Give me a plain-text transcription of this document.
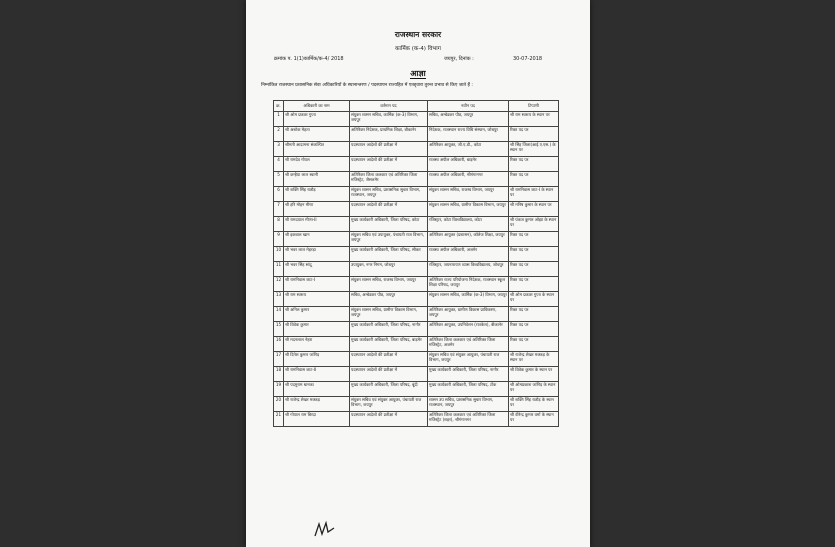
राजस्थान सरकार
कार्मिक (क-4) विभाग
क्रमांक प. 1(1)कार्मिक/क-4/ 2018	जयपुर, दिनांक :	30-07-2018
आज्ञा
निम्नांकित राजस्थान प्रशासनिक सेवा अधिकारियों के स्थानान्तरण / पदस्थापन राज्यहित में एतद्द्वारा तुरन्त प्रभाव से किए जाते हैं :
क्र.	अधिकारी का नाम	वर्तमान पद	नवीन पद	टिप्पणी
1	श्री ओम प्रकाश गुप्ता	संयुक्त शासन सचिव, कार्मिक (क-3) विभाग, जयपुर	सचिव, अम्बेडकर पीठ, जयपुर	श्री राम स्वरूप के स्थान पर
2	श्री अशोक मेहता	अतिरिक्त निदेशक, प्राथमिक शिक्षा, बीकानेर	निदेशक, राजस्थान राज्य विधि संस्थान, जोधपुर	रिक्त पद पर
3	श्रीमती आदामना संकल्पित	पदस्थापन आदेशों की प्रतीक्षा में	अतिरिक्त आयुक्त, जी.ए.डी., कोटा	श्री सिंह जिला(आई.ए.एस.) के स्थान पर
4	श्री रामदेव गोयल	पदस्थापन आदेशों की प्रतीक्षा में	राजस्व अपील अधिकारी, बाड़मेर	रिक्त पद पर
5	श्री कन्हैया लाल स्वामी	अतिरिक्त जिला कलक्टर एवं अतिरिक्त जिला मजिस्ट्रेट, जैसलमेर	राजस्व अपील अधिकारी, श्रीगंगानगर	रिक्त पद पर
6	श्री शक्ति सिंह राठौड़	संयुक्त शासन सचिव, प्रशासनिक सुधार विभाग, राजस्थान, जयपुर	संयुक्त शासन सचिव, राजस्व विभाग, जयपुर	श्री रामनिवास जाट-I के स्थान पर
7	श्री हरि मोहन मीणा	पदस्थापन आदेशों की प्रतीक्षा में	संयुक्त शासन सचिव, ग्रामीण विकास विभाग, जयपुर	श्री मनिष कुमार के स्थान पर
8	श्री रामदयाल मीणा-II	मुख्य कार्यकारी अधिकारी, जिला परिषद, कोटा	रजिस्ट्रार, कोटा विश्वविद्यालय, कोटा	श्री पंकज कुमार ओझा के स्थान पर
9	श्री इकबाल खान	संयुक्त सचिव एवं उपायुक्त, पंचायती राज विभाग, जयपुर	अतिरिक्त आयुक्त (प्रशासन), कॉलेज शिक्षा, जयपुर	रिक्त पद पर
10	श्री भवर लाल मेहरड़ा	मुख्य कार्यकारी अधिकारी, जिला परिषद, सीकर	राजस्व अपील अधिकारी, अजमेर	रिक्त पद पर
11	श्री भवर सिंह सांदू	उपायुक्त, नगर निगम, जोधपुर	रजिस्ट्रार, जयनारायण व्यास विश्वविद्यालय, जोधपुर	रिक्त पद पर
12	श्री रामनिवास जाट-I	संयुक्त शासन सचिव, राजस्व विभाग, जयपुर	अतिरिक्त राज्य परियोजना निदेशक, राजस्थान स्कूल शिक्षा परिषद, जयपुर	रिक्त पद पर
13	श्री राम स्वरूप	सचिव, अम्बेडकर पीठ, जयपुर	संयुक्त शासन सचिव, कार्मिक (क-3) विभाग, जयपुर	श्री ओम प्रकाश गुप्ता के स्थान पर
14	श्री अनिल कुमार	संयुक्त शासन सचिव, ग्रामीण विकास विभाग, जयपुर	अतिरिक्त आयुक्त, ग्रामीण विकास प्राधिकरण, जयपुर	रिक्त पद पर
15	श्री विवेक कुमार	मुख्य कार्यकारी अधिकारी, जिला परिषद, नागौर	अतिरिक्त आयुक्त, उपनिवेशन (रातकेल), बीकानेर	रिक्त पद पर
16	श्री मदनलाल नेहरा	मुख्य कार्यकारी अधिकारी, जिला परिषद, बाड़मेर	अतिरिक्त जिला कलक्टर एवं अतिरिक्त जिला मजिस्ट्रेट, अजमेर	रिक्त पद पर
17	श्री दिनेश कुमार जांगिड़	पदस्थापन आदेशों की प्रतीक्षा में	संयुक्त सचिव एवं संयुक्त आयुक्त, पंचायती राज विभाग, जयपुर	श्री राजेन्द्र शेखर मक्कड़ के स्थान पर
18	श्री रामनिवास जाट-II	पदस्थापन आदेशों की प्रतीक्षा में	मुख्य कार्यकारी अधिकारी, जिला परिषद, नागौर	श्री विवेक कुमार के स्थान पर
19	श्री पदमुराम धानका	मुख्य कार्यकारी अधिकारी, जिला परिषद, बूंदी	मुख्य कार्यकारी अधिकारी, जिला परिषद, टोंक	श्री ओमप्रकाश जांगिड़ के स्थान पर
20	श्री राजेन्द्र शेखर मक्कड़	संयुक्त सचिव एवं संयुक्त आयुक्त, पंचायती राज विभाग, जयपुर	शासन उप सचिव, प्रशासनिक सुधार विभाग, राजस्थान, जयपुर	श्री शक्ति सिंह राठौड़ के स्थान पर
21	श्री गोपाल राम बिरदा	पदस्थापन आदेशों की प्रतीक्षा में	अतिरिक्त जिला कलक्टर एवं अतिरिक्त जिला मजिस्ट्रेट (शहर), श्रीगंगानगर	श्री वीरेन्द्र कुमार वर्मा के स्थान पर
